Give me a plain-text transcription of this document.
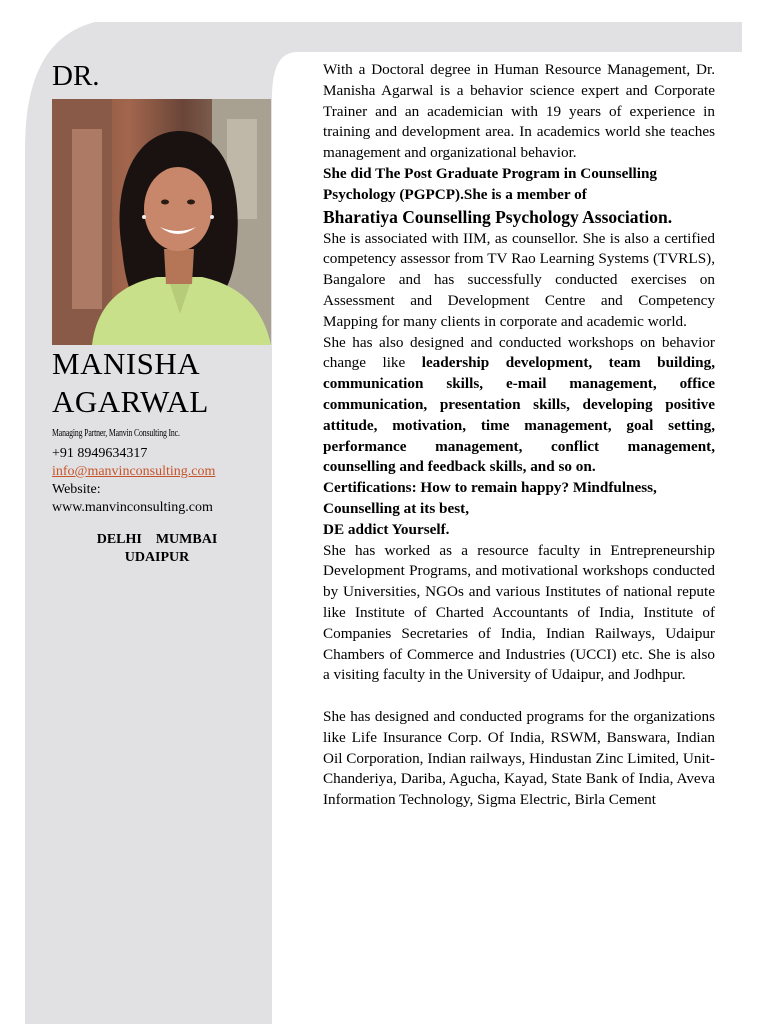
DR.
MANISHA
AGARWAL
Managing Partner, Manvin Consulting Inc.
+91 8949634317
info@manvinconsulting.com
Website:
www.manvinconsulting.com
DELHI    MUMBAI
UDAIPUR

With a Doctoral degree in Human Resource Management, Dr. Manisha Agarwal is a behavior science expert and Corporate Trainer and an academician with 19 years of experience in training and development area. In academics world she teaches management and organizational behavior.

She did The Post Graduate Program in Counselling Psychology (PGPCP).She is a member of

Bharatiya Counselling Psychology Association.

She is associated with IIM, as counsellor. She is also a certified competency assessor from TV Rao Learning Systems (TVRLS), Bangalore and has successfully conducted exercises on Assessment and Development Centre and Competency Mapping for many clients in corporate and academic world.

She has also designed and conducted workshops on behavior change like leadership development, team building, communication skills, e-mail management, office communication, presentation skills, developing positive attitude, motivation, time management, goal setting, performance management, conflict management, counselling and feedback skills, and so on.

Certifications: How to remain happy? Mindfulness, Counselling at its best,

DE addict Yourself.

She has worked as a resource faculty in Entrepreneurship Development Programs, and motivational workshops conducted by Universities, NGOs and various Institutes of national repute like Institute of Charted Accountants of India, Institute of Companies Secretaries of India, Indian Railways, Udaipur Chambers of Commerce and Industries (UCCI) etc. She is also a visiting faculty in the University of Udaipur, and Jodhpur.

She has designed and conducted programs for the organizations like Life Insurance Corp. Of India, RSWM, Banswara, Indian Oil Corporation, Indian railways, Hindustan Zinc Limited, Unit- Chanderiya, Dariba, Agucha, Kayad, State Bank of India, Aveva Information Technology, Sigma Electric, Birla Cement
